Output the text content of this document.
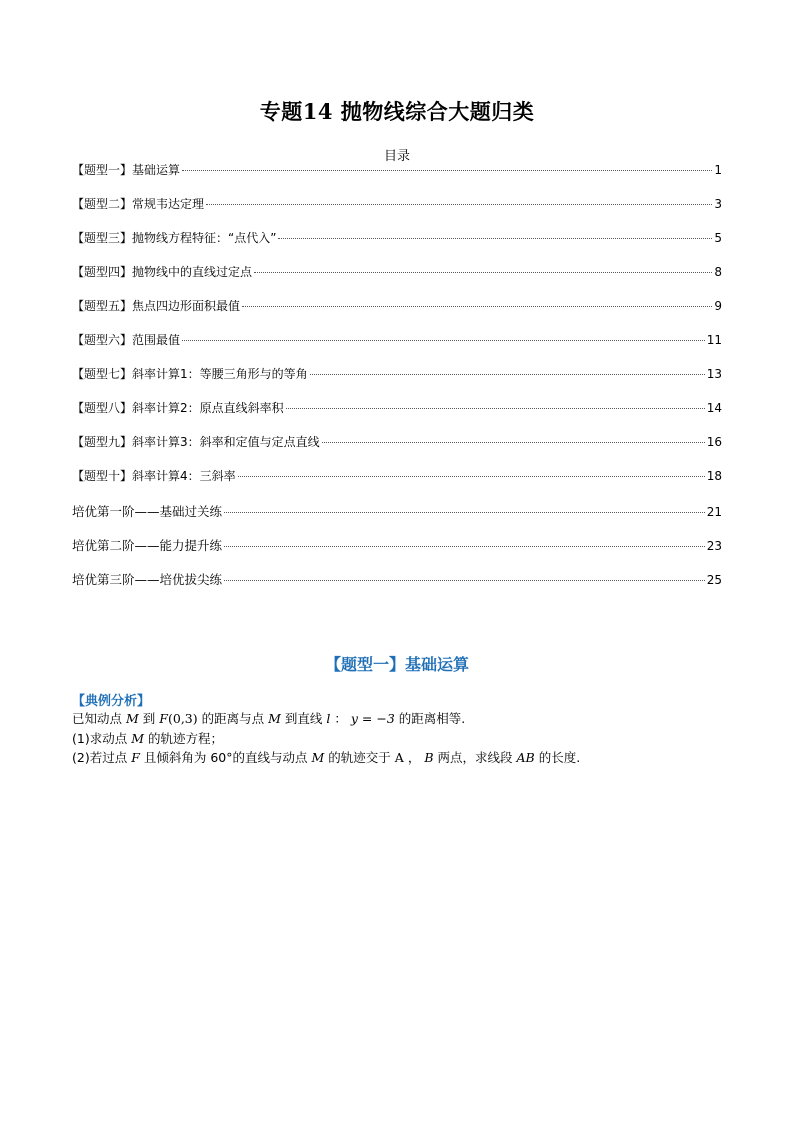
专题14 抛物线综合大题归类
目录
【题型一】基础运算	1
【题型二】常规韦达定理	3
【题型三】抛物线方程特征：“点代入”	5
【题型四】抛物线中的直线过定点	8
【题型五】焦点四边形面积最值	9
【题型六】范围最值	11
【题型七】斜率计算1：等腰三角形与的等角	13
【题型八】斜率计算2：原点直线斜率积	14
【题型九】斜率计算3：斜率和定值与定点直线	16
【题型十】斜率计算4：三斜率	18
培优第一阶——基础过关练	21
培优第二阶——能力提升练	23
培优第三阶——培优拔尖练	25
【题型一】基础运算
【典例分析】
已知动点 M 到 F(0,3) 的距离与点 M 到直线 l ： y = −3 的距离相等.
(1)求动点 M 的轨迹方程；
(2)若过点 F 且倾斜角为 60°的直线与动点 M 的轨迹交于 A ， B 两点，求线段 AB 的长度.
